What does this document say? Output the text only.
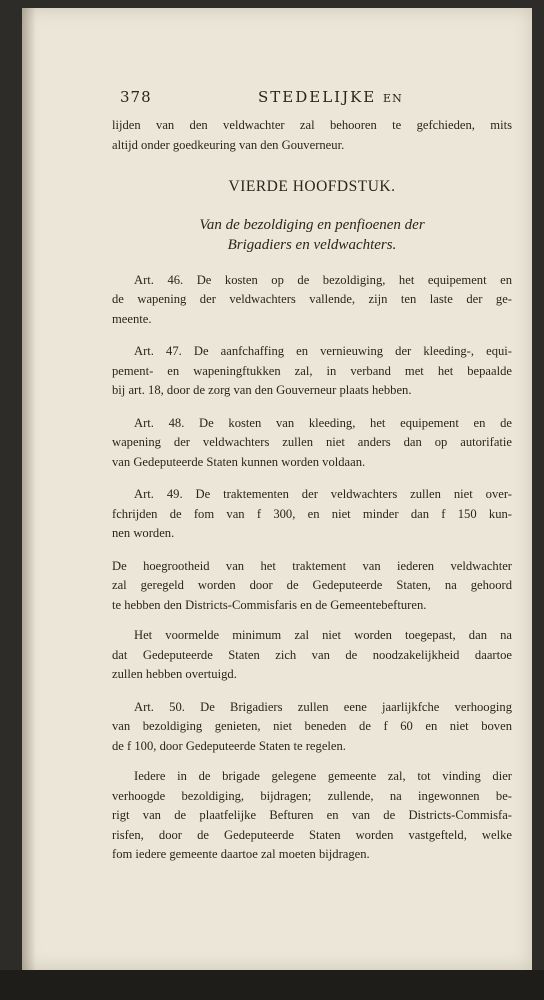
378	STEDELIJKE EN
lijden van den veldwachter zal behooren te gefchieden, mits
altijd onder goedkeuring van den Gouverneur.
VIERDE HOOFDSTUK.
Van de bezoldiging en penfioenen der
Brigadiers en veldwachters.
Art. 46. De kosten op de bezoldiging, het equipement en
de wapening der veldwachters vallende, zijn ten laste der ge-
meente.
Art. 47. De aanfchaffing en vernieuwing der kleeding-, equi-
pement- en wapeningftukken zal, in verband met het bepaalde
bij art. 18, door de zorg van den Gouverneur plaats hebben.
Art. 48. De kosten van kleeding, het equipement en de
wapening der veldwachters zullen niet anders dan op autorifatie
van Gedeputeerde Staten kunnen worden voldaan.
Art. 49. De traktementen der veldwachters zullen niet over-
fchrijden de fom van f 300, en niet minder dan f 150 kun-
nen worden.
De hoegrootheid van het traktement van iederen veldwachter
zal geregeld worden door de Gedeputeerde Staten, na gehoord
te hebben den Districts-Commisfaris en de Gemeentebefturen.
Het voormelde minimum zal niet worden toegepast, dan na
dat Gedeputeerde Staten zich van de noodzakelijkheid daartoe
zullen hebben overtuigd.
Art. 50. De Brigadiers zullen eene jaarlijkfche verhooging
van bezoldiging genieten, niet beneden de f 60 en niet boven
de f 100, door Gedeputeerde Staten te regelen.
Iedere in de brigade gelegene gemeente zal, tot vinding dier
verhoogde bezoldiging, bijdragen; zullende, na ingewonnen be-
rigt van de plaatfelijke Befturen en van de Districts-Commisfa-
risfen, door de Gedeputeerde Staten worden vastgefteld, welke
fom iedere gemeente daartoe zal moeten bijdragen.
